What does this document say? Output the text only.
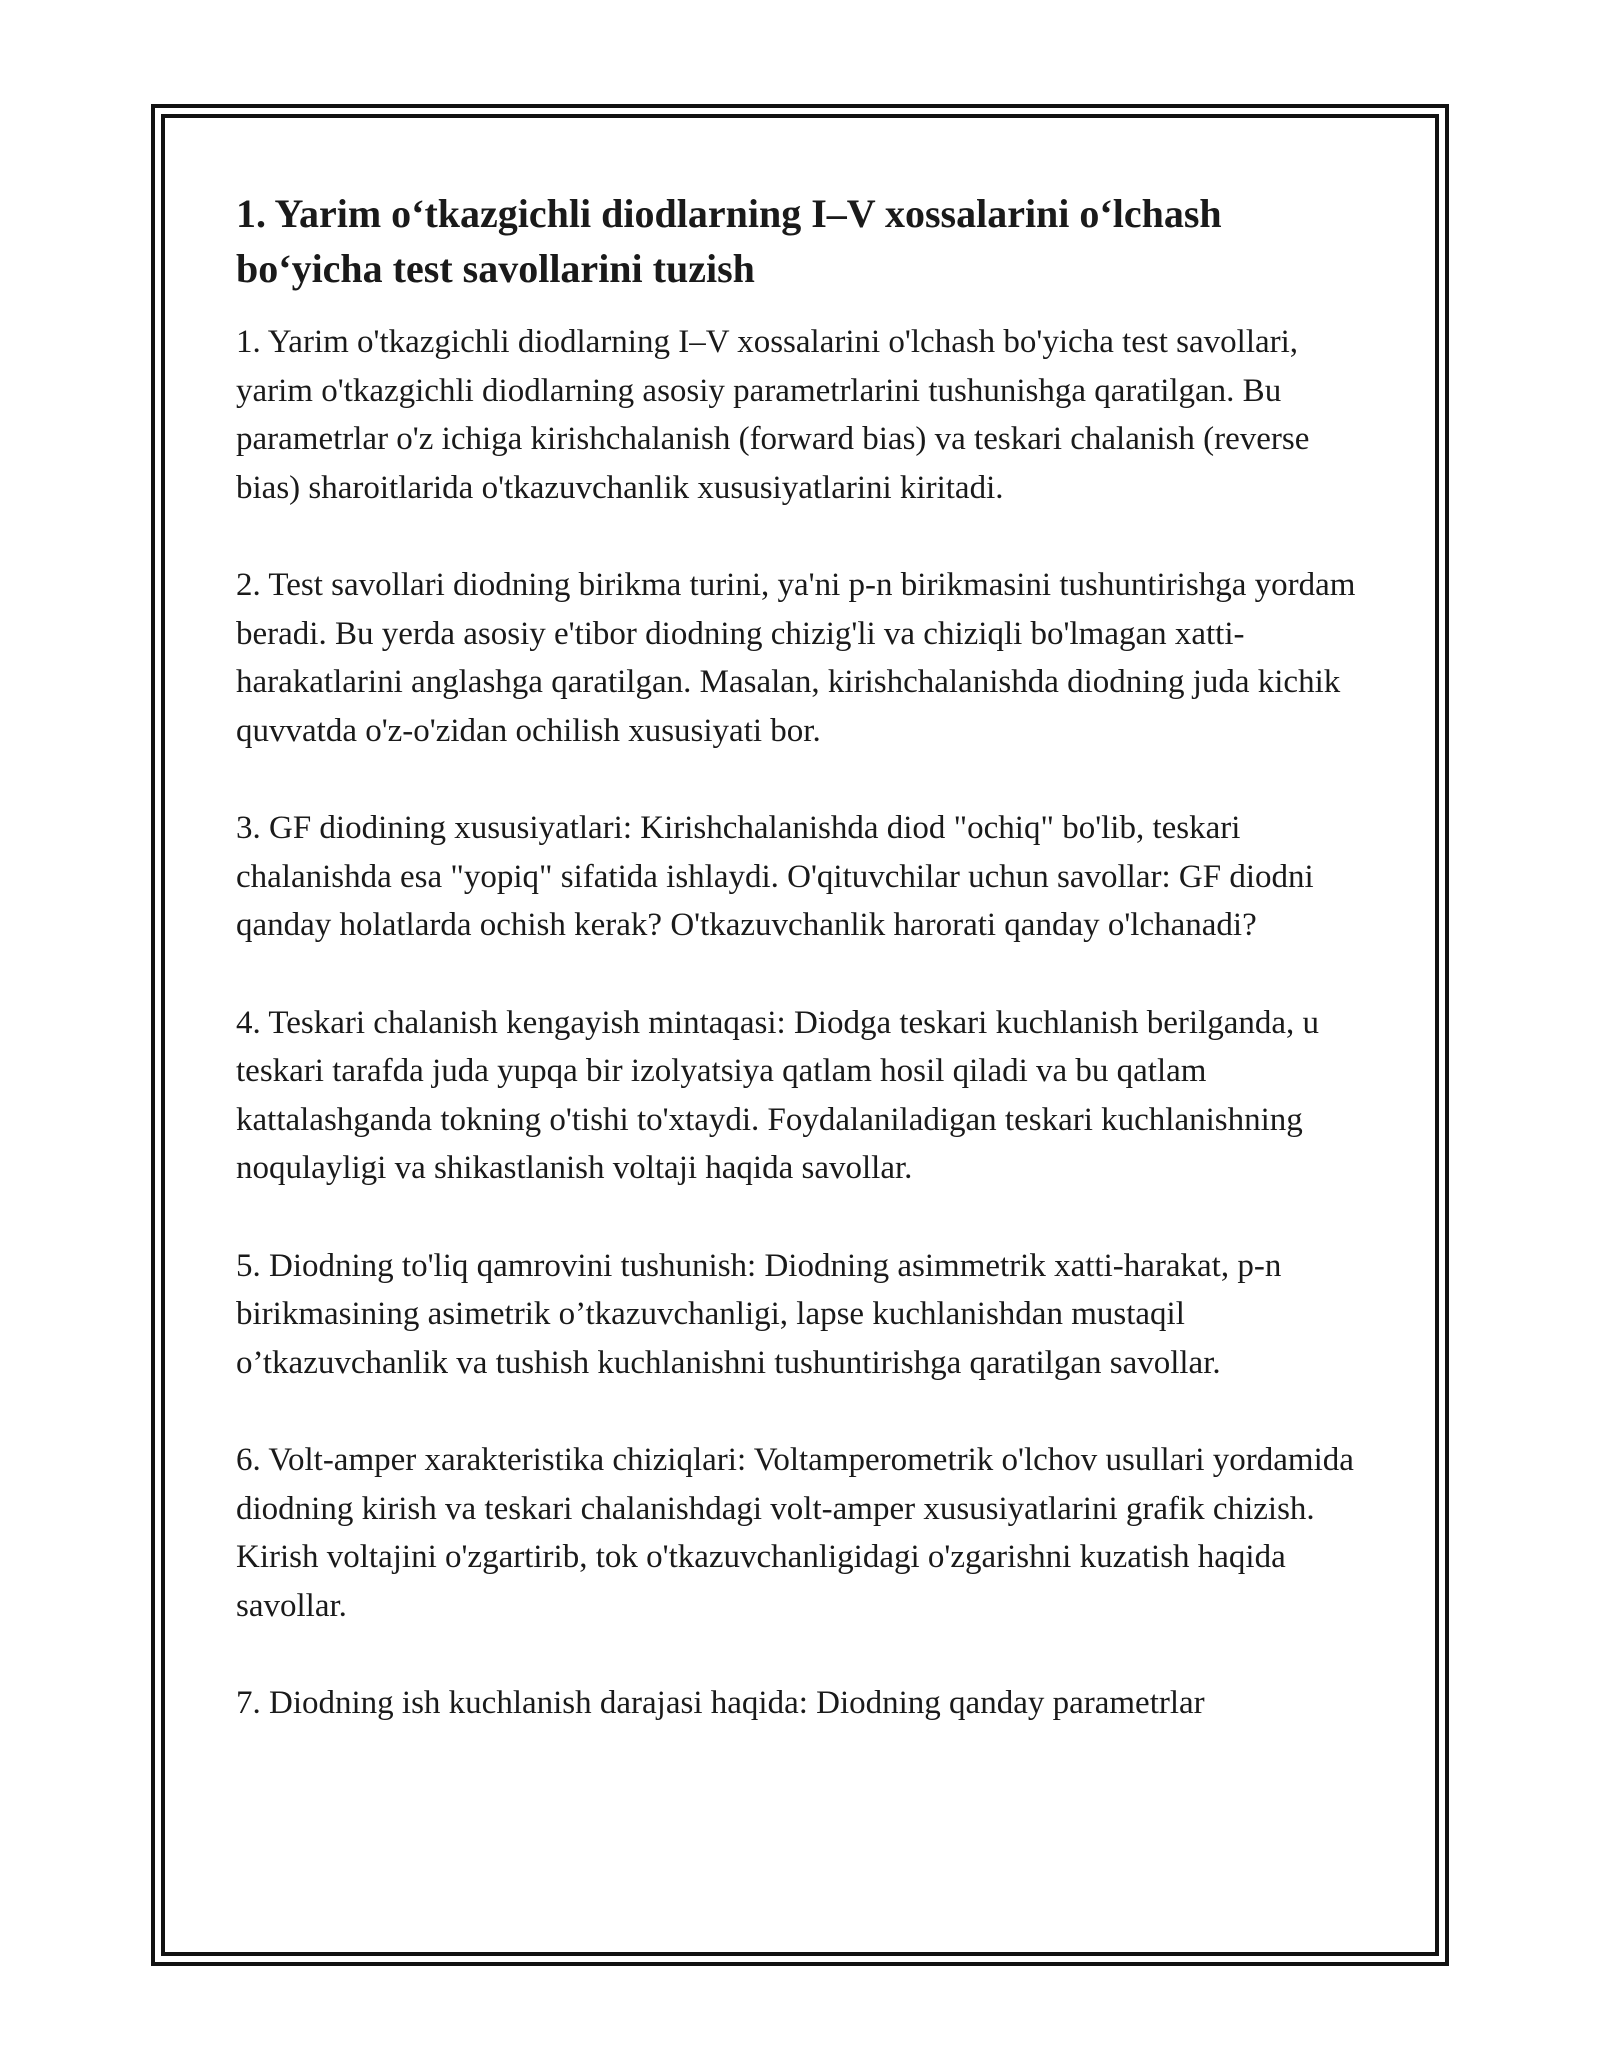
1. Yarim o‘tkazgichli diodlarning I–V xossalarini o‘lchash bo‘yicha test savollarini tuzish

1. Yarim o'tkazgichli diodlarning I–V xossalarini o'lchash bo'yicha test savollari, yarim o'tkazgichli diodlarning asosiy parametrlarini tushunishga qaratilgan. Bu parametrlar o'z ichiga kirishchalanish (forward bias) va teskari chalanish (reverse bias) sharoitlarida o'tkazuvchanlik xususiyatlarini kiritadi.

2. Test savollari diodning birikma turini, ya'ni p-n birikmasini tushuntirishga yordam beradi. Bu yerda asosiy e'tibor diodning chizig'li va chiziqli bo'lmagan xatti-harakatlarini anglashga qaratilgan. Masalan, kirishchalanishda diodning juda kichik quvvatda o'z-o'zidan ochilish xususiyati bor.

3. GF diodining xususiyatlari: Kirishchalanishda diod "ochiq" bo'lib, teskari chalanishda esa "yopiq" sifatida ishlaydi. O'qituvchilar uchun savollar: GF diodni qanday holatlarda ochish kerak? O'tkazuvchanlik harorati qanday o'lchanadi?

4. Teskari chalanish kengayish mintaqasi: Diodga teskari kuchlanish berilganda, u teskari tarafda juda yupqa bir izolyatsiya qatlam hosil qiladi va bu qatlam kattalashganda tokning o'tishi to'xtaydi. Foydalaniladigan teskari kuchlanishning noqulayligi va shikastlanish voltaji haqida savollar.

5. Diodning to'liq qamrovini tushunish: Diodning asimmetrik xatti-harakat, p-n birikmasining asimetrik o’tkazuvchanligi, lapse kuchlanishdan mustaqil o’tkazuvchanlik va tushish kuchlanishni tushuntirishga qaratilgan savollar.

6. Volt-amper xarakteristika chiziqlari: Voltamperometrik o'lchov usullari yordamida diodning kirish va teskari chalanishdagi volt-amper xususiyatlarini grafik chizish. Kirish voltajini o'zgartirib, tok o'tkazuvchanligidagi o'zgarishni kuzatish haqida savollar.

7. Diodning ish kuchlanish darajasi haqida: Diodning qanday parametrlar
